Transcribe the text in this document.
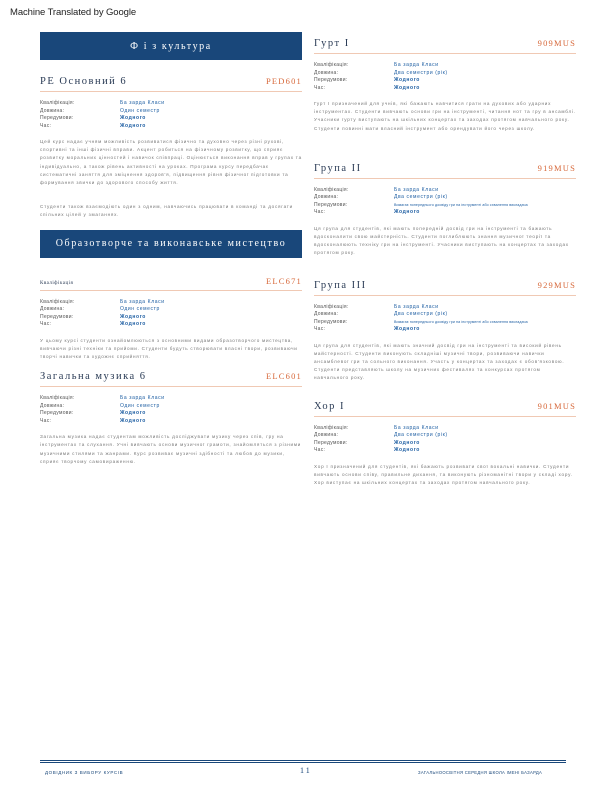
Machine Translated by Google
Ф і з культура
PE Основний 6	PED601
Кваліфікація:	Ба зарда Класи
Довжина:	Один семестр
Передумови:	Жодного
Час:	Жодного

Цей курс надає учням можливість розвиватися фізично та духовно через різні рухові, спортивні та інші фізичні вправи. Акцент робиться на фізичному розвитку, що сприяє розвитку моральних цінностей і навичок співпраці. Оцінюється виконання вправ у групах та індивідуально, а також рівень активності на уроках. Програма курсу передбачає систематичні заняття для зміцнення здоров'я, підвищення рівня фізичної підготовки та формування звички до здорового способу життя.

Студенти також взаємодіють один з одним, навчаючись працювати в команді та досягати спільних цілей у змаганнях.

Образотворче та виконавське мистецтво
Кваліфікація	ELC671
Кваліфікація:	Ба зарда Класи
Довжина:	Один семестр
Передумови:	Жодного
Час:	Жодного

У цьому курсі студенти ознайомлюються з основними видами образотворчого мистецтва, вивчаючи різні техніки та прийоми. Студенти будуть створювати власні твори, розвиваючи творчі навички та художнє сприйняття.

Загальна музика 6	ELC601
Кваліфікація:	Ба зарда Класи
Довжина:	Один семестр
Передумови:	Жодного
Час:	Жодного

Загальна музика надає студентам можливість досліджувати музику через спів, гру на інструментах та слухання. Учні вивчають основи музичної грамоти, знайомляться з різними музичними стилями та жанрами. Курс розвиває музичні здібності та любов до музики, сприяє творчому самовираженню.

Гурт I	909MUS
Кваліфікація:	Ба зарда Класи
Довжина:	Два семестри (рік)
Передумови:	Жодного
Час:	Жодного

Гурт I призначений для учнів, які бажають навчитися грати на духових або ударних інструментах. Студенти вивчають основи гри на інструменті, читання нот та гру в ансамблі. Учасники гурту виступають на шкільних концертах та заходах протягом навчального року. Студенти повинні мати власний інструмент або орендувати його через школу.

Група II	919MUS
Кваліфікація:	Ба зарда Класи
Довжина:	Два семестри (рік)
Передумови:	Вимагає попереднього досвіду гри на інструменті або схвалення викладача
Час:	Жодного

Ця група для студентів, які мають попередній досвід гри на інструменті та бажають вдосконалити свою майстерність. Студенти поглиблюють знання музичної теорії та вдосконалюють техніку гри на інструменті. Учасники виступають на концертах та заходах протягом року.

Група III	929MUS
Кваліфікація:	Ба зарда Класи
Довжина:	Два семестри (рік)
Передумови:	Вимагає попереднього досвіду гри на інструменті або схвалення викладача
Час:	Жодного

Ця група для студентів, які мають значний досвід гри на інструменті та високий рівень майстерності. Студенти виконують складніші музичні твори, розвиваючи навички ансамблевої гри та сольного виконання. Участь у концертах та заходах є обов'язковою.

Студенти представляють школу на музичних фестивалях та конкурсах протягом навчального року.

Хор I	901MUS
Кваліфікація:	Ба зарда Класи
Довжина:	Два семестри (рік)
Передумови:	Жодного
Час:	Жодного

Хор I призначений для студентів, які бажають розвивати свої вокальні навички. Студенти вивчають основи співу, правильне дихання, та виконують різноманітні твори у складі хору. Хор виступає на шкільних концертах та заходах протягом навчального року.

ДОВІДНИК З ВИБОРУ КУРСІВ	11	ЗАГАЛЬНООСВІТНЯ СЕРЕДНЯ ШКОЛА ІМЕНІ БАЗАРДА
